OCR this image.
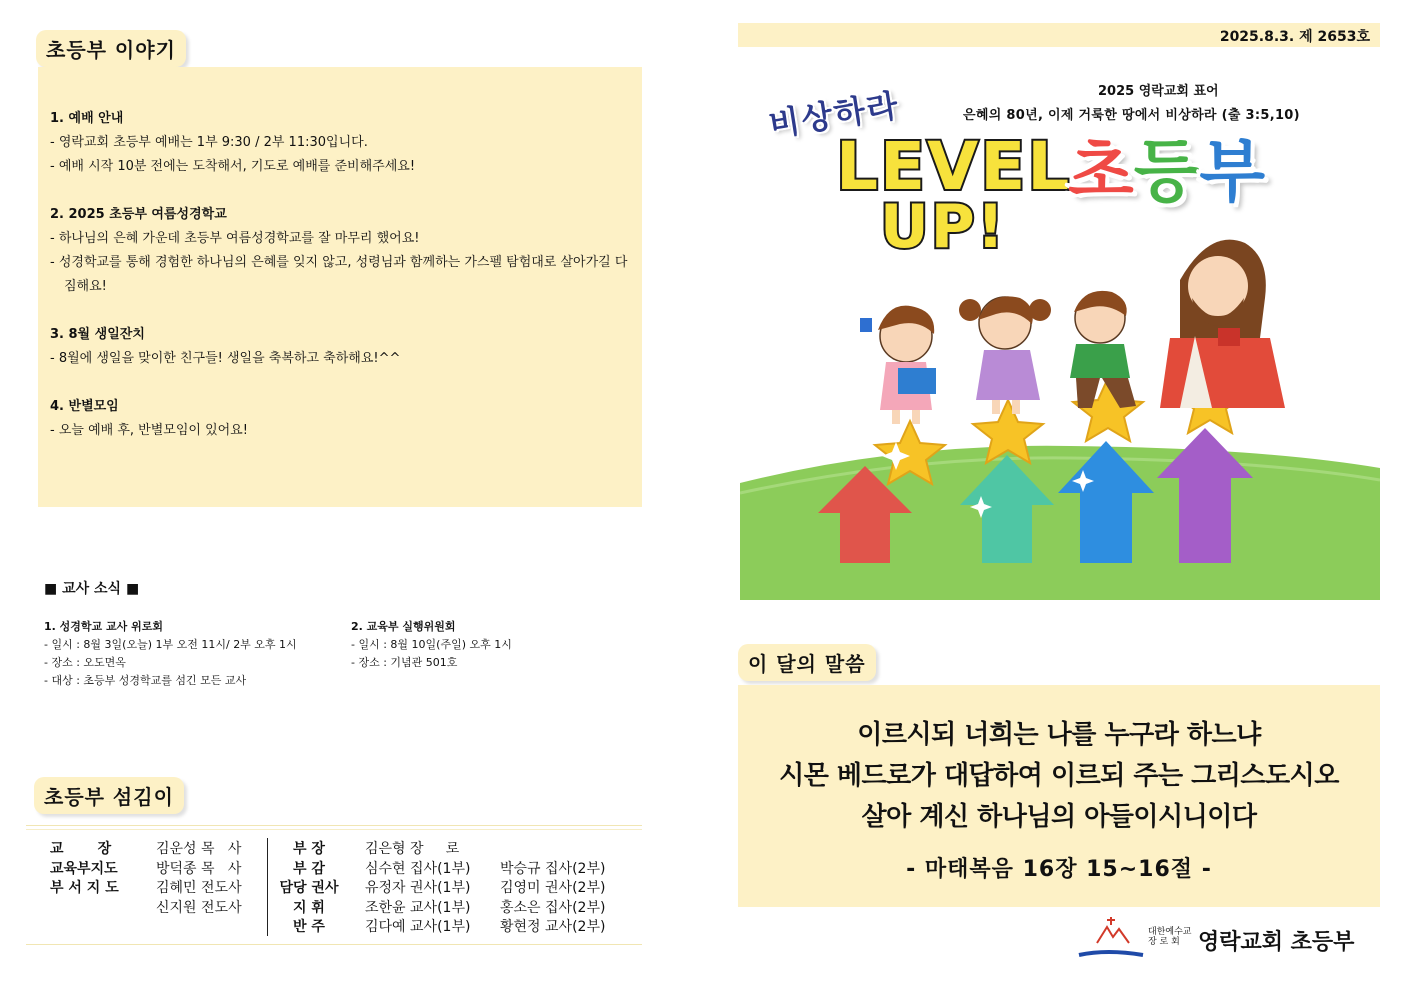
초등부 이야기
1. 예배 안내
- 영락교회 초등부 예배는 1부 9:30 / 2부 11:30입니다.
- 예배 시작 10분 전에는 도착해서, 기도로 예배를 준비해주세요!
2. 2025 초등부 여름성경학교
- 하나님의 은혜 가운데 초등부 여름성경학교를 잘 마무리 했어요!
- 성경학교를 통해 경험한 하나님의 은혜를 잊지 않고, 성령님과 함께하는 가스펠 탐험대로 살아가길 다짐해요!
3. 8월 생일잔치
- 8월에 생일을 맞이한 친구들! 생일을 축복하고 축하해요!^^
4. 반별모임
- 오늘 예배 후, 반별모임이 있어요!
■ 교사 소식 ■
1. 성경학교 교사 위로회
- 일시 : 8월 3일(오늘) 1부 오전 11시/ 2부 오후 1시
- 장소 : 오도면옥
- 대상 : 초등부 성경학교를 섬긴 모든 교사
2. 교육부 실행위원회
- 일시 : 8월 10일(주일) 오후 1시
- 장소 : 기념관 501호
초등부 섬김이
교       장
교육부지도
부 서 지 도
김운성 목   사
방덕종 목   사
김혜민 전도사
신지원 전도사
부 장
부 감
담당 권사
지 휘
반 주
김은형 장     로
심수현 집사(1부)
유정자 권사(1부)
조한윤 교사(1부)
김다예 교사(1부)

박승규 집사(2부)
김영미 권사(2부)
홍소은 집사(2부)
황현정 교사(2부)
2025.8.3. 제 2653호
비상하라	2025 영락교회 표어
은혜의 80년, 이제 거룩한 땅에서 비상하라 (출 3:5,10)
LEVEL
UP!
초등부
이 달의 말씀
이르시되 너희는 나를 누구라 하느냐
시몬 베드로가 대답하여 이르되 주는 그리스도시오
살아 계신 하나님의 아들이시니이다
- 마태복음 16장 15~16절 -
대한예수교
장 로 회 영락교회 초등부
